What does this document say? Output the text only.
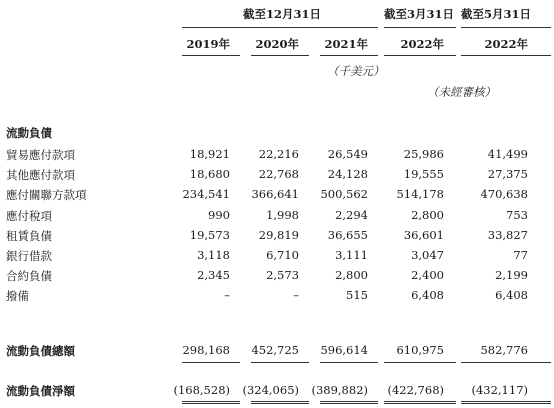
截至12月31日	截至3月31日 截至5月31日
2019年 2020年 2021年	2022年	2022年
（千美元）
（未經審核）
流動負債
貿易應付款項	18,921	22,216	26,549	25,986	41,499
其他應付款項	18,680	22,768	24,128	19,555	27,375
應付關聯方款項	234,541 366,641 500,562 514,178	470,638
應付稅項	990	1,998	2,294	2,800	753
租賃負債	19,573	29,819	36,655	36,601	33,827
銀行借款	3,118	6,710	3,111	3,047	77
合約負債	2,345	2,573	2,800	2,400	2,199
撥備	–	–	515	6,408	6,408
流動負債總額	298,168 452,725 596,614 610,975	582,776
流動負債淨額	(168,528) (324,065) (389,882) (422,768) (432,117)
